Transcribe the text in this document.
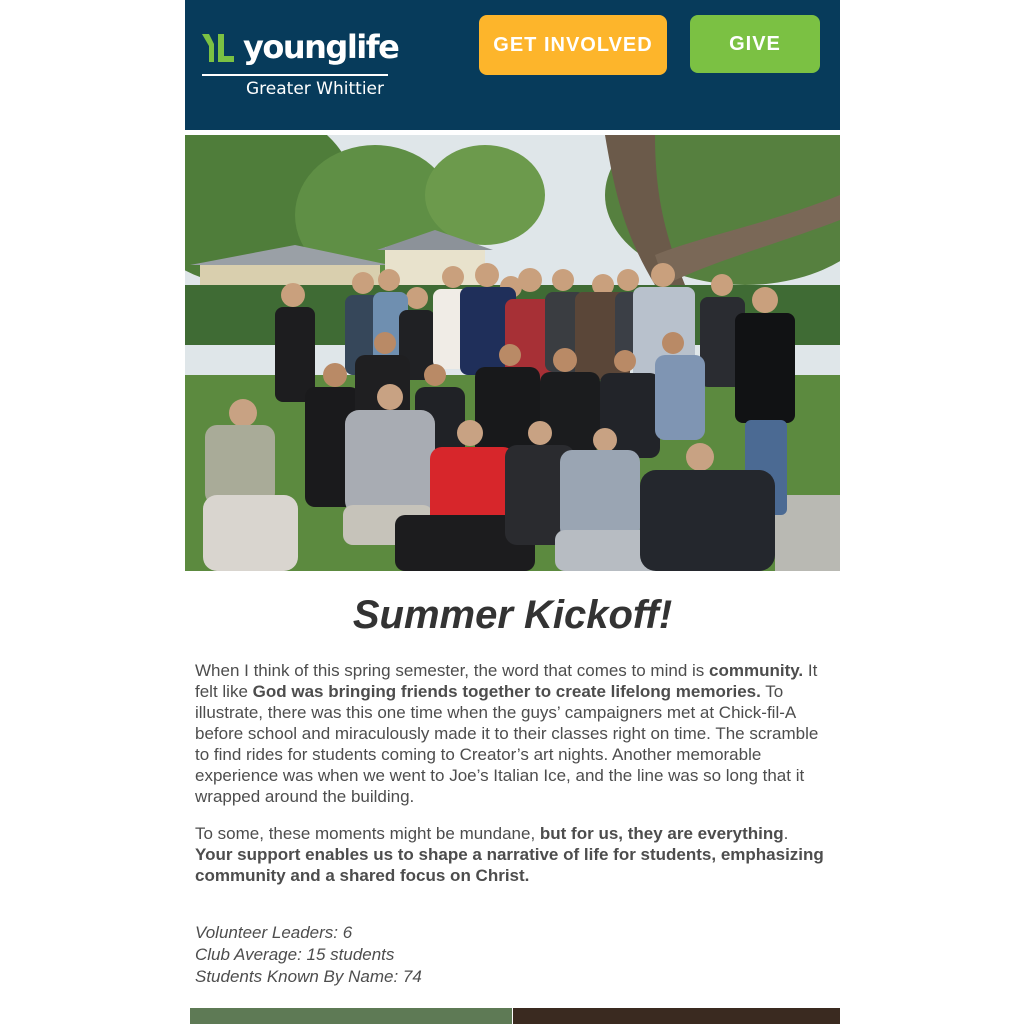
younglife
Greater Whittier
GET INVOLVED	GIVE
Summer Kickoff!

When I think of this spring semester, the word that comes to mind is community. It felt like God was bringing friends together to create lifelong memories. To illustrate, there was this one time when the guys’ campaigners met at Chick-fil-A before school and miraculously made it to their classes right on time. The scramble to find rides for students coming to Creator’s art nights. Another memorable experience was when we went to Joe’s Italian Ice, and the line was so long that it wrapped around the building.

To some, these moments might be mundane, but for us, they are everything. Your support enables us to shape a narrative of life for students, emphasizing community and a shared focus on Christ.

Volunteer Leaders: 6
Club Average: 15 students
Students Known By Name: 74
